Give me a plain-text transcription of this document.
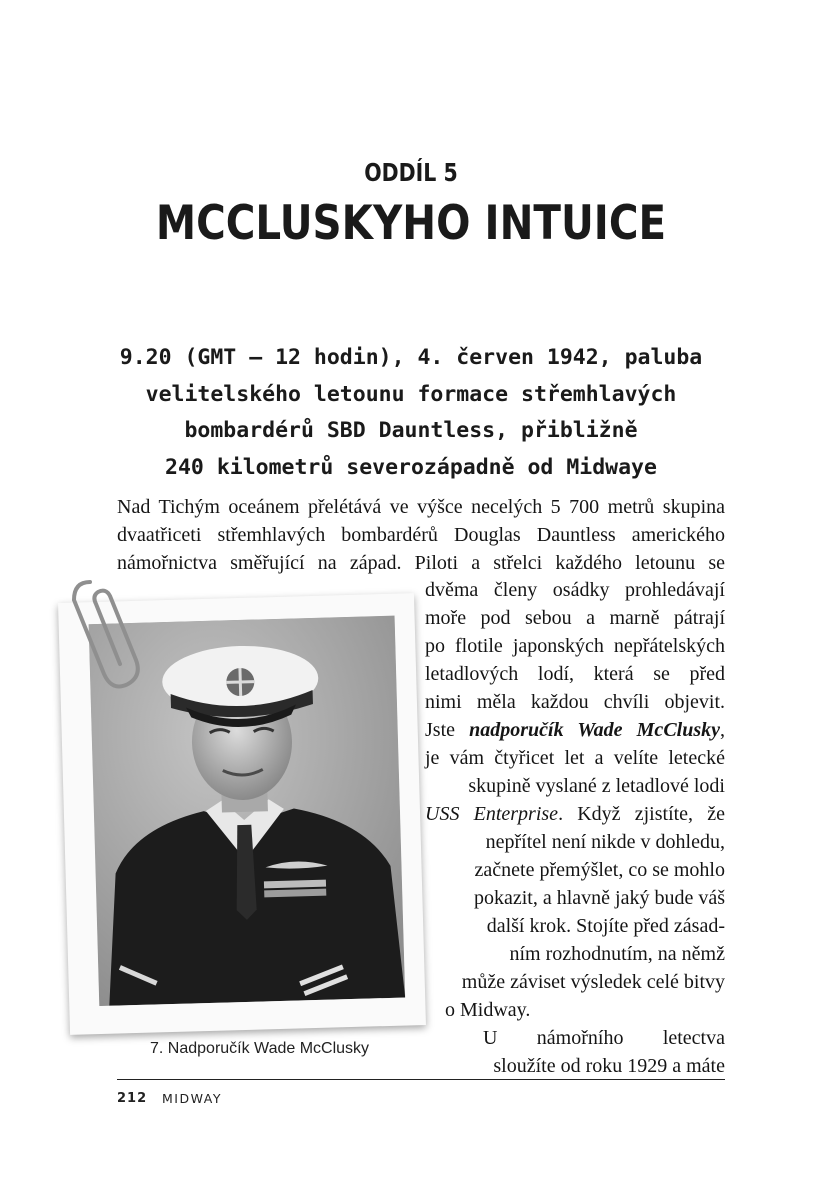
ODDÍL 5
MCCLUSKYHO INTUICE
9.20 (GMT – 12 hodin), 4. červen 1942, paluba
velitelského letounu formace střemhlavých
bombardérů SBD Dauntless, přibližně
240 kilometrů severozápadně od Midwaye
Nad Tichým oceánem přelétává ve výšce necelých 5 700 metrů skupina
dvaatřiceti střemhlavých bombardérů Douglas Dauntless amerického
námořnictva směřující na západ. Piloti a střelci každého letounu se
dvěma členy osádky prohledávají
moře pod sebou a marně pátrají
po flotile japonských nepřátelských
letadlových lodí, která se před
nimi měla každou chvíli objevit.
Jste nadporučík Wade McClusky,
je vám čtyřicet let a velíte letecké
skupině vyslané z letadlové lodi
USS Enterprise. Když zjistíte, že
nepřítel není nikde v dohledu,
začnete přemýšlet, co se mohlo
pokazit, a hlavně jaký bude váš
další krok. Stojíte před zásad-
ním rozhodnutím, na němž
může záviset výsledek celé bitvy
o Midway.
U námořního letectva
sloužíte od roku 1929 a máte
7. Nadporučík Wade McClusky
212 MIDWAY
